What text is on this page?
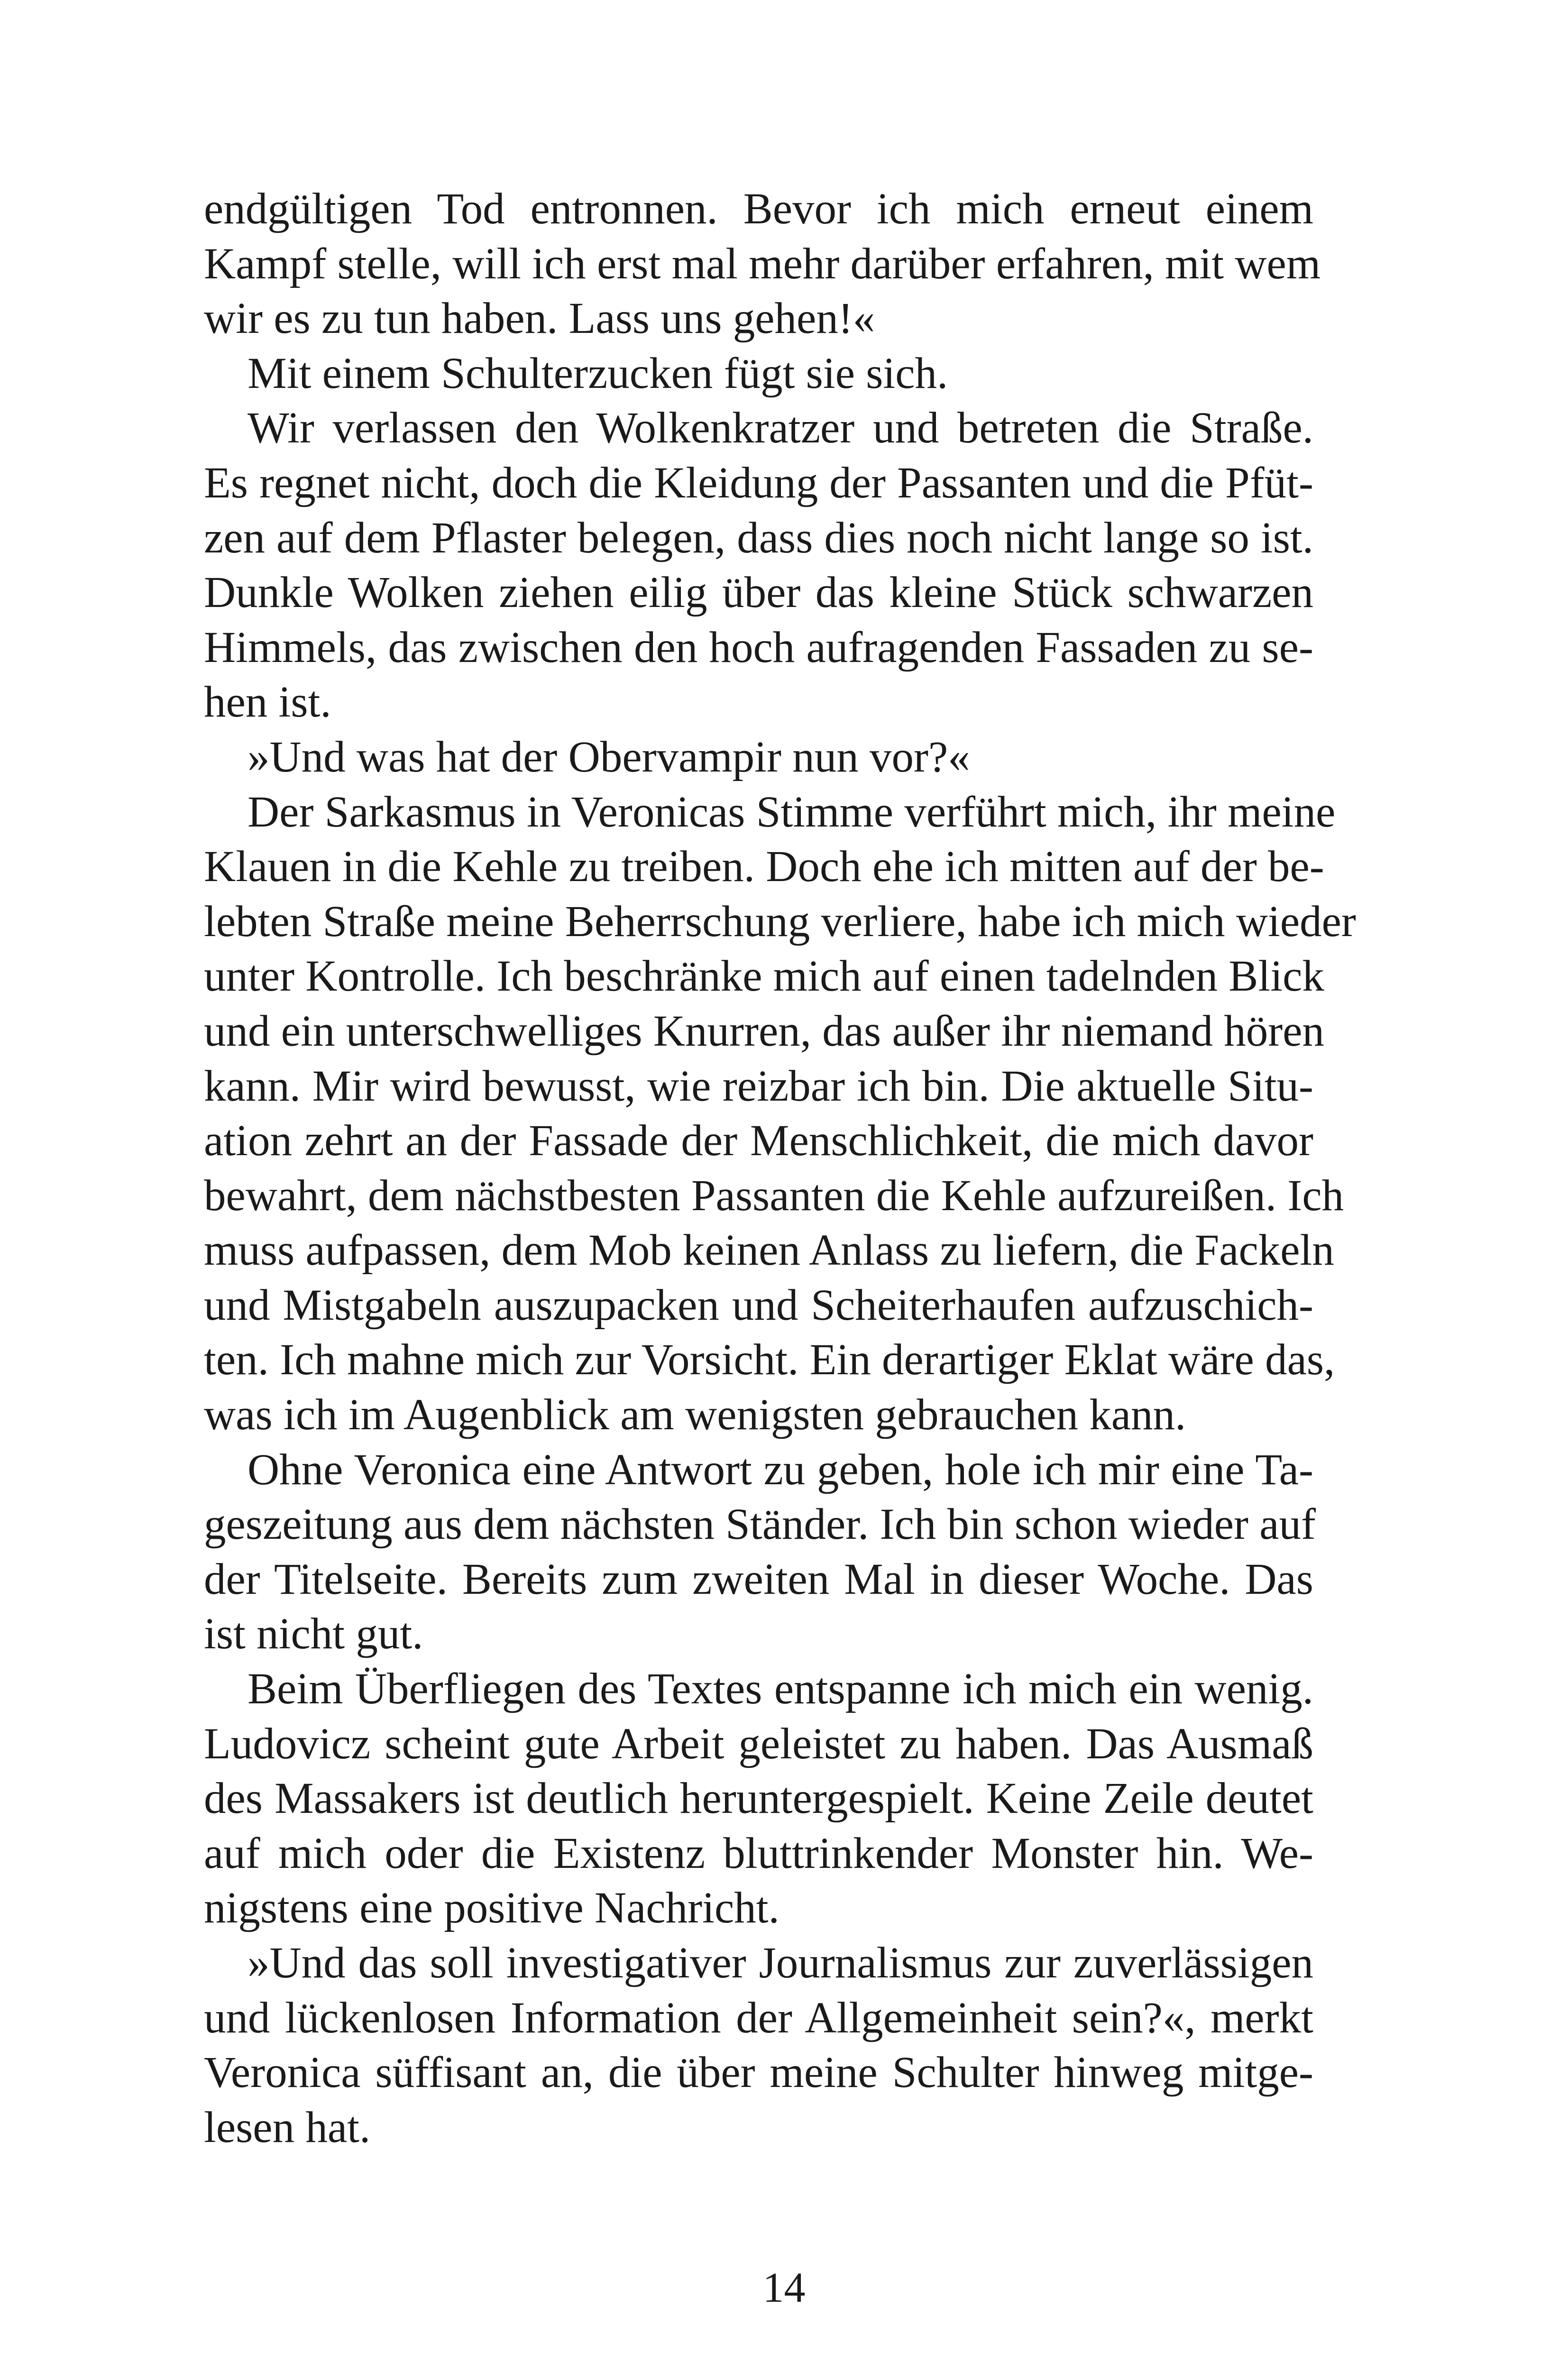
endgültigen Tod entronnen. Bevor ich mich erneut einem
Kampf stelle, will ich erst mal mehr darüber erfahren, mit wem
wir es zu tun haben. Lass uns gehen!«
Mit einem Schulterzucken fügt sie sich.
Wir verlassen den Wolkenkratzer und betreten die Straße.
Es regnet nicht, doch die Kleidung der Passanten und die Pfüt-
zen auf dem Pflaster belegen, dass dies noch nicht lange so ist.
Dunkle Wolken ziehen eilig über das kleine Stück schwarzen
Himmels, das zwischen den hoch aufragenden Fassaden zu se-
hen ist.
»Und was hat der Obervampir nun vor?«
Der Sarkasmus in Veronicas Stimme verführt mich, ihr meine
Klauen in die Kehle zu treiben. Doch ehe ich mitten auf der be-
lebten Straße meine Beherrschung verliere, habe ich mich wieder
unter Kontrolle. Ich beschränke mich auf einen tadelnden Blick
und ein unterschwelliges Knurren, das außer ihr niemand hören
kann. Mir wird bewusst, wie reizbar ich bin. Die aktuelle Situ-
ation zehrt an der Fassade der Menschlichkeit, die mich davor
bewahrt, dem nächstbesten Passanten die Kehle aufzureißen. Ich
muss aufpassen, dem Mob keinen Anlass zu liefern, die Fackeln
und Mistgabeln auszupacken und Scheiterhaufen aufzuschich-
ten. Ich mahne mich zur Vorsicht. Ein derartiger Eklat wäre das,
was ich im Augenblick am wenigsten gebrauchen kann.
Ohne Veronica eine Antwort zu geben, hole ich mir eine Ta-
geszeitung aus dem nächsten Ständer. Ich bin schon wieder auf
der Titelseite. Bereits zum zweiten Mal in dieser Woche. Das
ist nicht gut.
Beim Überfliegen des Textes entspanne ich mich ein wenig.
Ludovicz scheint gute Arbeit geleistet zu haben. Das Ausmaß
des Massakers ist deutlich heruntergespielt. Keine Zeile deutet
auf mich oder die Existenz bluttrinkender Monster hin. We-
nigstens eine positive Nachricht.
»Und das soll investigativer Journalismus zur zuverlässigen
und lückenlosen Information der Allgemeinheit sein?«, merkt
Veronica süffisant an, die über meine Schulter hinweg mitge-
lesen hat.
14
